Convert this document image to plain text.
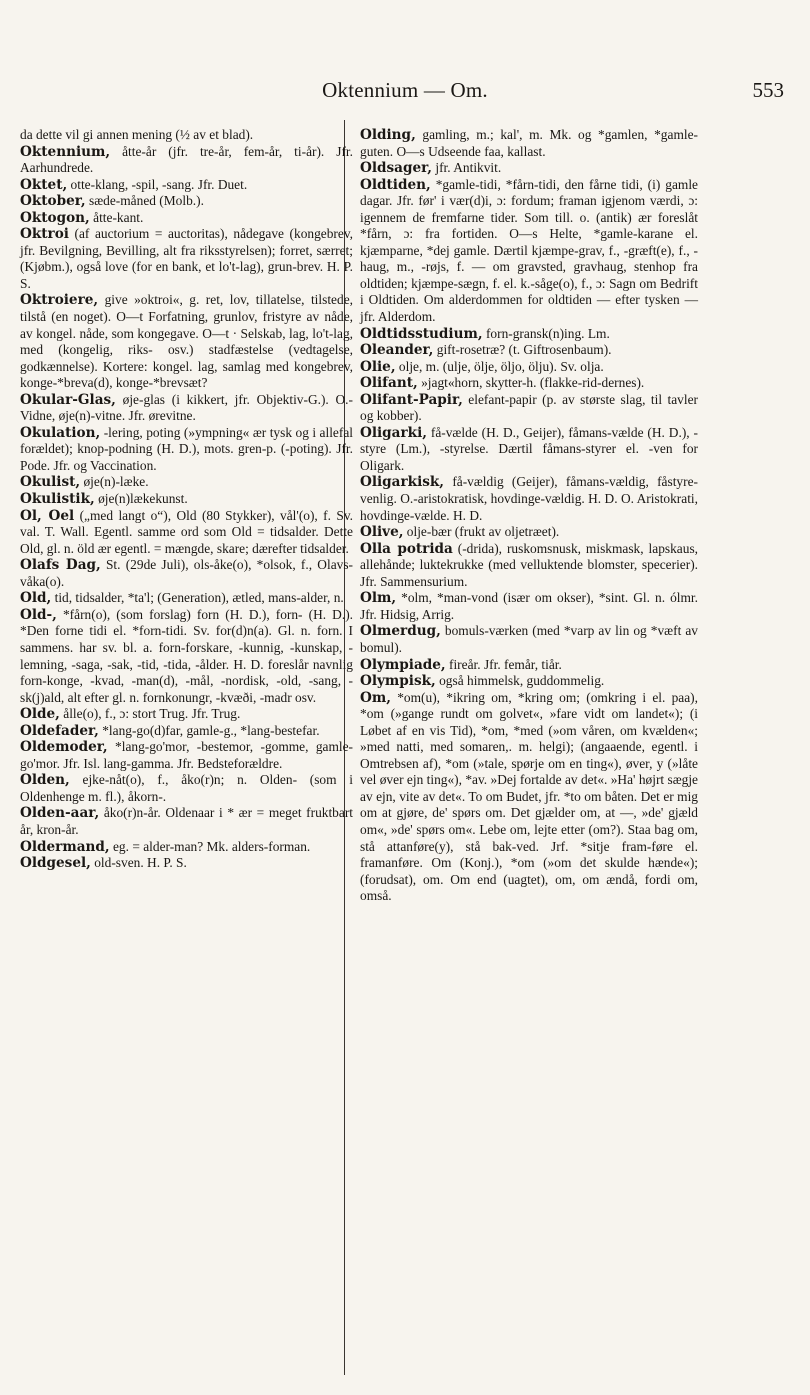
Oktennium — Om.	553

da dette vil gi annen mening (½ av et blad).

Oktennium, åtte-år (jfr. tre-år, fem-år, ti-år). Jfr. Aarhundrede.

Oktet, otte-klang, -spil, -sang. Jfr. Duet.

Oktober, sæde-måned (Molb.).

Oktogon, åtte-kant.

Oktroi (af auctorium = auctoritas), nådegave (kongebrev, jfr. Bevilgning, Bevilling, alt fra riksstyrelsen); forret, særret; (Kjøbm.), også love (for en bank, et lo't-lag), grun-brev. H. P. S.

Oktroiere, give »oktroi«, g. ret, lov, tillatelse, tilstede, tilstå (en noget). O—t Forfatning, grunlov, fristyre av nåde, av kongel. nåde, som kongegave. O—t · Selskab, lag, lo't-lag, med (kongelig, riks- osv.) stadfæstelse (vedtagelse, godkænnelse). Kortere: kongel. lag, samlag med kongebrev, konge-*breva(d), konge-*brevsæt?

Okular-Glas, øje-glas (i kikkert, jfr. Objektiv-G.). O.-Vidne, øje(n)-vitne. Jfr. ørevitne.

Okulation, -lering, poting (»ympning« ær tysk og i allefal forældet); knop-podning (H. D.), mots. gren-p. (-poting). Jfr. Pode. Jfr. og Vaccination.

Okulist, øje(n)-læke.

Okulistik, øje(n)lækekunst.

Ol, Oel („med langt o“), Old (80 Stykker), vål'(o), f. Sv. val. T. Wall. Egentl. samme ord som Old = tidsalder. Dette Old, gl. n. öld ær egentl. = mængde, skare; dærefter tidsalder.

Olafs Dag, St. (29de Juli), ols-åke(o), *olsok, f., Olavs-våka(o).

Old, tid, tidsalder, *ta'l; (Generation), ætled, mans-alder, n.

Old-, *fårn(o), (som forslag) forn (H. D.), forn- (H. D.). *Den forne tidi el. *forn-tidi. Sv. for(d)n(a). Gl. n. forn. I sammens. har sv. bl. a. forn-forskare, -kunnig, -kunskap, -lemning, -saga, -sak, -tid, -tida, -ålder. H. D. foreslår navnlig forn-konge, -kvad, -man(d), -mål, -nordisk, -old, -sang, -sk(j)ald, alt efter gl. n. fornkonungr, -kvæði, -madr osv.

Olde, ålle(o), f., ɔ: stort Trug. Jfr. Trug.

Oldefader, *lang-go(d)far, gamle-g., *lang-bestefar.

Oldemoder, *lang-go'mor, -bestemor, -gomme, gamle-go'mor. Jfr. Isl. lang-gamma. Jfr. Bedsteforældre.

Olden, ejke-nåt(o), f., åko(r)n; n. Olden- (som i Oldenhenge m. fl.), åkorn-.

Olden-aar, åko(r)n-år. Oldenaar i * ær = meget fruktbart år, kron-år.

Oldermand, eg. = alder-man? Mk. alders-forman.

Oldgesel, old-sven. H. P. S.

Olding, gamling, m.; kal', m. Mk. og *gamlen, *gamle-guten. O—s Udseende faa, kallast.

Oldsager, jfr. Antikvit.

Oldtiden, *gamle-tidi, *fårn-tidi, den fårne tidi, (i) gamle dagar. Jfr. før' i vær(d)i, ɔ: fordum; framan igjenom værdi, ɔ: igennem de fremfarne tider. Som till. o. (antik) ær foreslåt *fårn, ɔ: fra fortiden. O—s Helte, *gamle-karane el. kjæmparne, *dej gamle. Dærtil kjæmpe-grav, f., -græft(e), f., -haug, m., -røjs, f. — om gravsted, gravhaug, stenhop fra oldtiden; kjæmpe-sægn, f. el. k.-såge(o), f., ɔ: Sagn om Bedrift i Oldtiden. Om alderdommen for oldtiden — efter tysken — jfr. Alderdom.

Oldtidsstudium, forn-gransk(n)ing. Lm.

Oleander, gift-rosetræ? (t. Giftrosenbaum).

Olie, olje, m. (ulje, ölje, öljo, ölju). Sv. olja.

Olifant, »jagt«horn, skytter-h. (flakke-rid-dernes).

Olifant-Papir, elefant-papir (p. av største slag, til tavler og kobber).

Oligarki, få-vælde (H. D., Geijer), fåmans-vælde (H. D.), -styre (Lm.), -styrelse. Dærtil fåmans-styrer el. -ven for Oligark.

Oligarkisk, få-vældig (Geijer), fåmans-vældig, fåstyre-venlig. O.-aristokratisk, hovdinge-vældig. H. D. O. Aristokrati, hovdinge-vælde. H. D.

Olive, olje-bær (frukt av oljetræet).

Olla potrida (-drida), ruskomsnusk, miskmask, lapskaus, allehånde; luktekrukke (med velluktende blomster, specerier). Jfr. Sammensurium.

Olm, *olm, *man-vond (især om okser), *sint. Gl. n. ólmr. Jfr. Hidsig, Arrig.

Olmerdug, bomuls-værken (med *varp av lin og *væft av bomul).

Olympiade, fireår. Jfr. femår, tiår.

Olympisk, også himmelsk, guddommelig.

Om, *om(u), *ikring om, *kring om; (omkring i el. paa), *om (»gange rundt om golvet«, »fare vidt om landet«); (i Løbet af en vis Tid), *om, *med (»om våren, om kvælden«; »med natti, med somaren,. m. helgi); (angaaende, egentl. i Omtrebsen af), *om (»tale, spørje om en ting«), øver, y (»låte vel øver ejn ting«), *av. »Dej fortalde av det«. »Ha' højrt sægje av ejn, vite av det«. To om Budet, jfr. *to om båten. Det er mig om at gjøre, de' spørs om. Det gjælder om, at —, »de' gjæld om«, »de' spørs om«. Lebe om, lejte etter (om?). Staa bag om, stå attanføre(y), stå bak-ved. Jrf. *sitje fram-føre el. framanføre. Om (Konj.), *om (»om det skulde hænde«); (forudsat), om. Om end (uagtet), om, om ændå, fordi om, omså.
